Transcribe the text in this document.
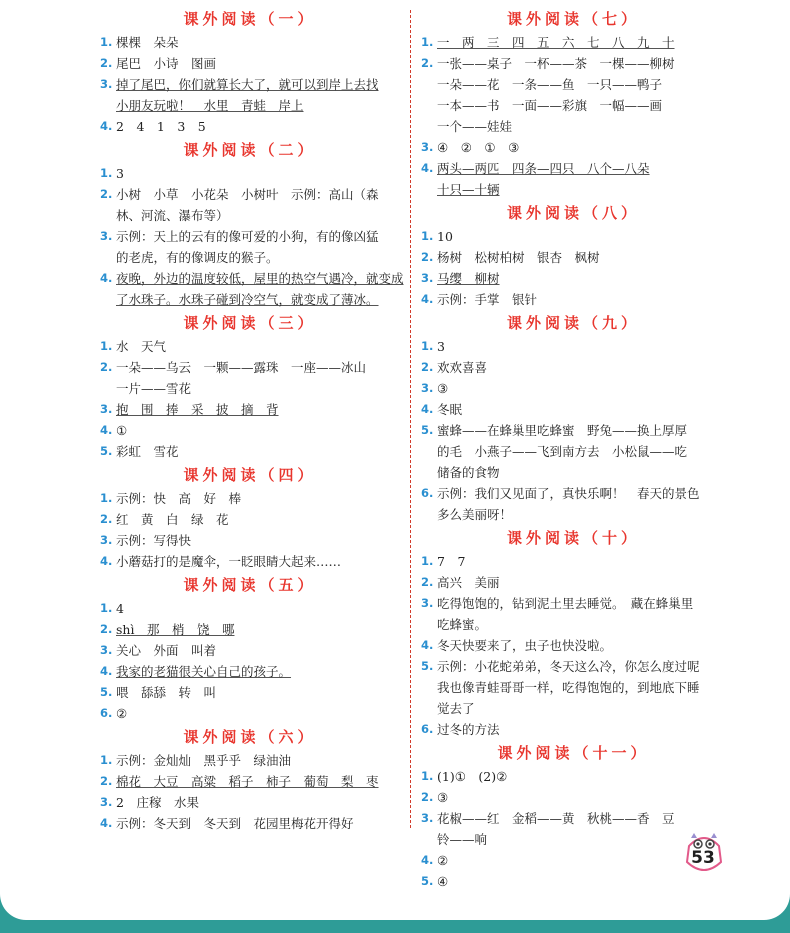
课外阅读（一）
1. 棵棵　朵朵
2. 尾巴　小诗　图画
3. 掉了尾巴，你们就算长大了，就可以到岸上去找
小朋友玩啦！　水里　青蛙　岸上
4. 2　4　1　3　5
课外阅读（二）
1. 3
2. 小树　小草　小花朵　小树叶　示例：高山（森
林、河流、瀑布等）
3. 示例：天上的云有的像可爱的小狗，有的像凶猛
的老虎，有的像调皮的猴子。
4. 夜晚，外边的温度较低，屋里的热空气遇冷，就变成
了水珠子。水珠子碰到冷空气，就变成了薄冰。
课外阅读（三）
1. 水　天气
2. 一朵——乌云　一颗——露珠　一座——冰山
一片——雪花
3. 抱　围　捧　采　披　摘　背
4. ①
5. 彩虹　雪花
课外阅读（四）
1. 示例：快　高　好　棒
2. 红　黄　白　绿　花
3. 示例：写得快
4. 小蘑菇打的是魔伞，一眨眼睛大起来……
课外阅读（五）
1. 4
2. shì　那　梢　饶　哪
3. 关心　外面　叫着
4. 我家的老猫很关心自己的孩子。
5. 喂　舔舔　转　叫
6. ②
课外阅读（六）
1. 示例：金灿灿　黑乎乎　绿油油
2. 棉花　大豆　高粱　稻子　柿子　葡萄　梨　枣
3. 2　庄稼　水果
4. 示例：冬天到　冬天到　花园里梅花开得好
课外阅读（七）
1. 一　两　三　四　五　六　七　八　九　十
2. 一张——桌子　一杯——茶　一棵——柳树
一朵——花　一条——鱼　一只——鸭子
一本——书　一面——彩旗　一幅——画
一个——娃娃
3. ④　②　①　③
4. 两头—两匹　四条—四只　八个—八朵
十只—十辆
课外阅读（八）
1. 10
2. 杨树　松树柏树　银杏　枫树
3. 马缨　柳树
4. 示例：手掌　银针
课外阅读（九）
1. 3
2. 欢欢喜喜
3. ③
4. 冬眠
5. 蜜蜂——在蜂巢里吃蜂蜜　野兔——换上厚厚
的毛　小燕子——飞到南方去　小松鼠——吃
储备的食物
6. 示例：我们又见面了，真快乐啊！　春天的景色
多么美丽呀！
课外阅读（十）
1. 7　7
2. 高兴　美丽
3. 吃得饱饱的，钻到泥土里去睡觉。　藏在蜂巢里
吃蜂蜜。
4. 冬天快要来了，虫子也快没啦。
5. 示例：小花蛇弟弟，冬天这么冷，你怎么度过呢
我也像青蛙哥哥一样，吃得饱饱的，到地底下睡
觉去了
6. 过冬的方法
课外阅读（十一）
1. (1)①　(2)②
2. ③
3. 花椒——红　金稻——黄　秋桃——香　豆
铃——响
4. ②
5. ④
53
